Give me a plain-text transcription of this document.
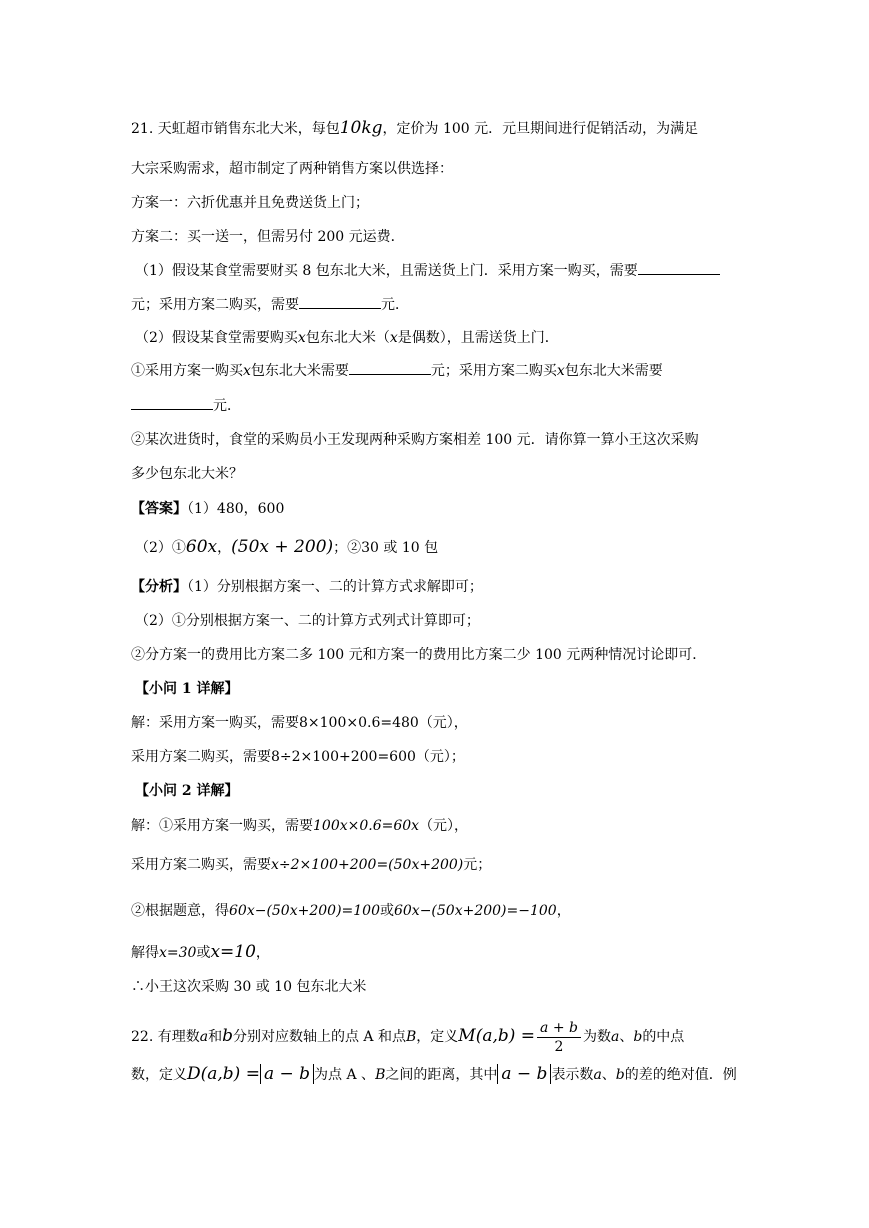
21. 天虹超市销售东北大米，每包10kg，定价为 100 元．元旦期间进行促销活动，为满足
大宗采购需求，超市制定了两种销售方案以供选择：
方案一：六折优惠并且免费送货上门；
方案二：买一送一，但需另付 200 元运费．
（1）假设某食堂需要财买 8 包东北大米，且需送货上门．采用方案一购买，需要
元；采用方案二购买，需要	元．
（2）假设某食堂需要购买x包东北大米（x是偶数），且需送货上门．
①采用方案一购买x包东北大米需要	元；采用方案二购买x包东北大米需要
元．
②某次进货时，食堂的采购员小王发现两种采购方案相差 100 元．请你算一算小王这次采购
多少包东北大米？
【答案】（1）480，600
（2）①60x，(50x + 200)；②30 或 10 包
【分析】（1）分别根据方案一、二的计算方式求解即可；
（2）①分别根据方案一、二的计算方式列式计算即可；
②分方案一的费用比方案二多 100 元和方案一的费用比方案二少 100 元两种情况讨论即可．
【小问 1 详解】
解：采用方案一购买，需要8×100×0.6=480（元），
采用方案二购买，需要8÷2×100+200=600（元）；
【小问 2 详解】
解：①采用方案一购买，需要100x×0.6=60x（元），
采用方案二购买，需要x÷2×100+200=(50x+200)元；
②根据题意，得60x−(50x+200)=100或60x−(50x+200)=−100，
解得x=30或x=10，
∴小王这次采购 30 或 10 包东北大米
22. 有理数a和b分别对应数轴上的点 A 和点B，定义$M(a,b) = \frac{a + b}{2}$ 为数a、b的中点
数，定义D(a,b) = a − b 为点 A 、B之间的距离，其中 a − b 表示数a、b的差的绝对值．例
